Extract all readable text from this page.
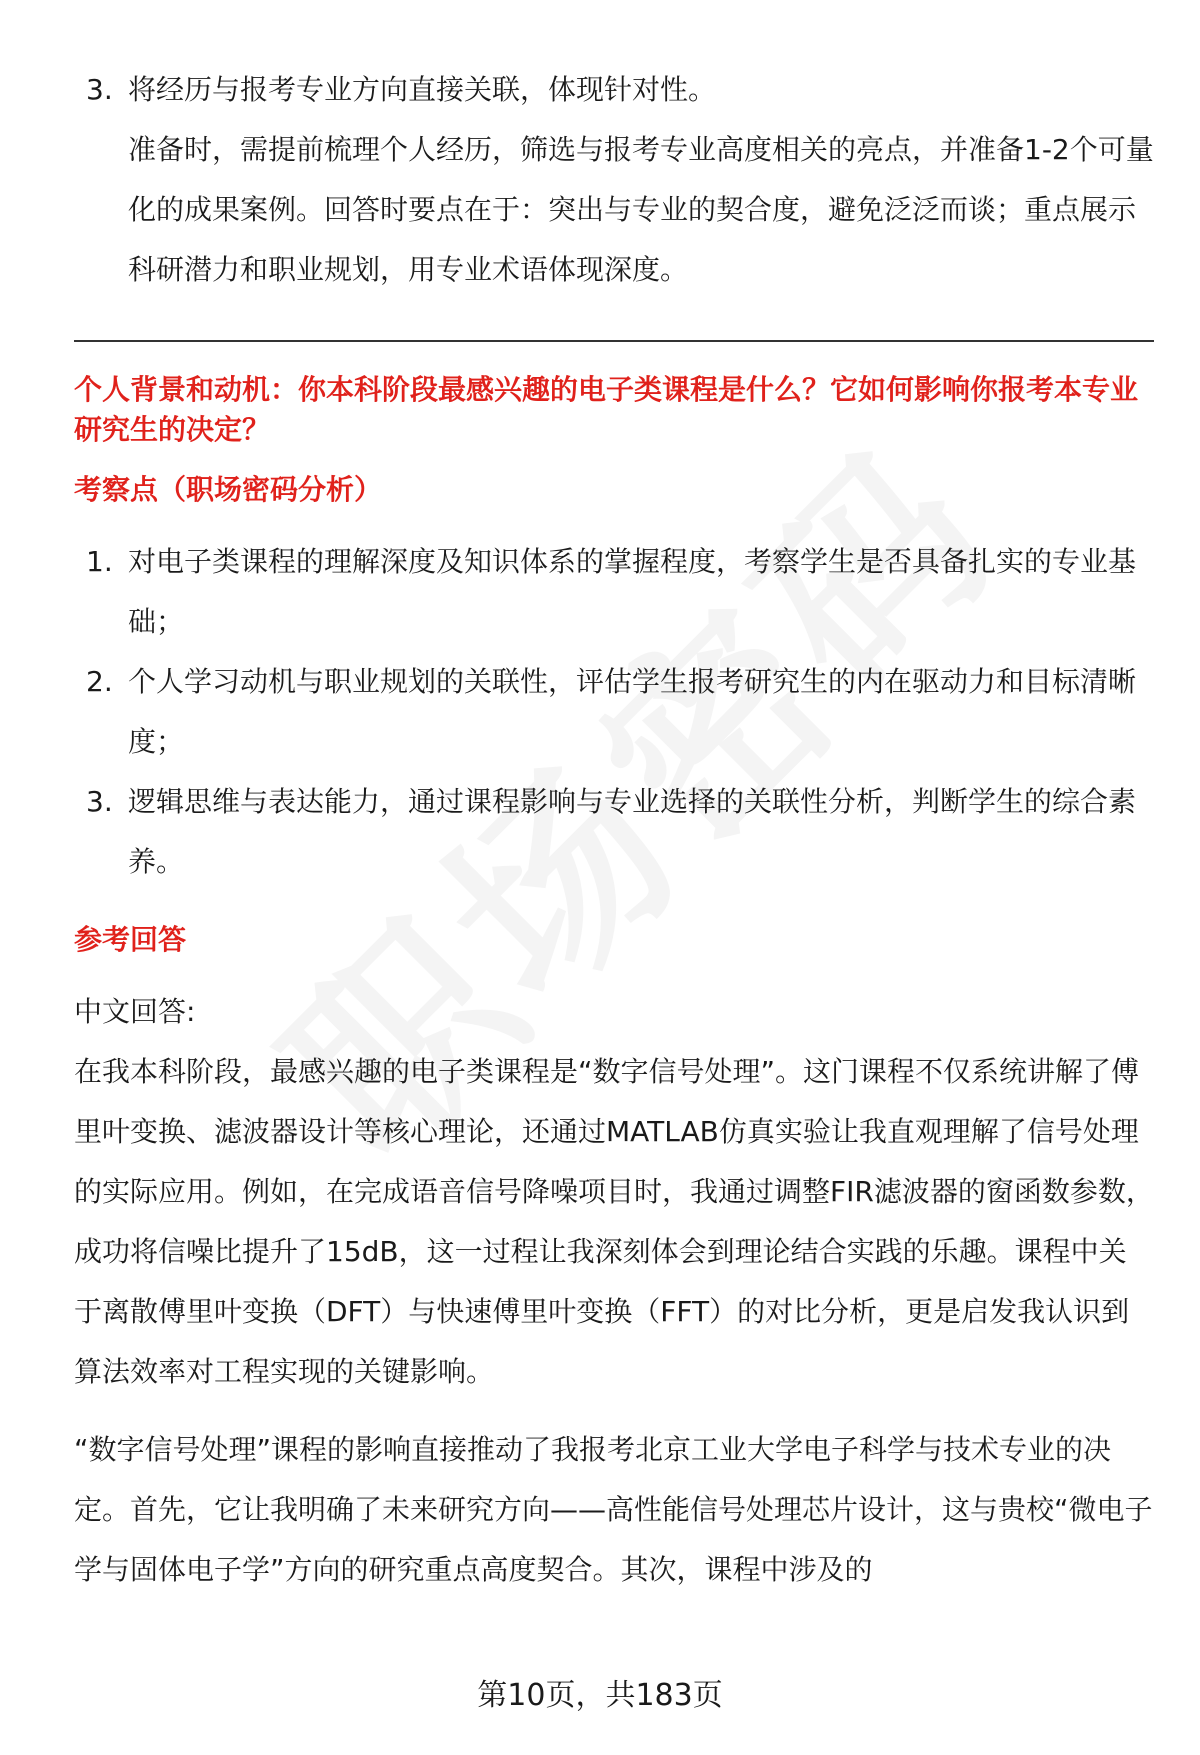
3. 将经历与报考专业方向直接关联，体现针对性。
准备时，需提前梳理个人经历，筛选与报考专业高度相关的亮点，并准备1-2个可量化的成果案例。回答时要点在于：突出与专业的契合度，避免泛泛而谈；重点展示科研潜力和职业规划，用专业术语体现深度。
个人背景和动机：你本科阶段最感兴趣的电子类课程是什么？它如何影响你报考本专业研究生的决定？
考察点（职场密码分析）
1. 对电子类课程的理解深度及知识体系的掌握程度，考察学生是否具备扎实的专业基础；
2. 个人学习动机与职业规划的关联性，评估学生报考研究生的内在驱动力和目标清晰度；
3. 逻辑思维与表达能力，通过课程影响与专业选择的关联性分析，判断学生的综合素养。
参考回答
中文回答:
在我本科阶段，最感兴趣的电子类课程是“数字信号处理”。这门课程不仅系统讲解了傅里叶变换、滤波器设计等核心理论，还通过MATLAB仿真实验让我直观理解了信号处理的实际应用。例如，在完成语音信号降噪项目时，我通过调整FIR滤波器的窗函数参数，成功将信噪比提升了15dB，这一过程让我深刻体会到理论结合实践的乐趣。课程中关于离散傅里叶变换（DFT）与快速傅里叶变换（FFT）的对比分析，更是启发我认识到算法效率对工程实现的关键影响。
“数字信号处理”课程的影响直接推动了我报考北京工业大学电子科学与技术专业的决定。首先，它让我明确了未来研究方向——高性能信号处理芯片设计，这与贵校“微电子学与固体电子学”方向的研究重点高度契合。其次，课程中涉及的
第10页，共183页
